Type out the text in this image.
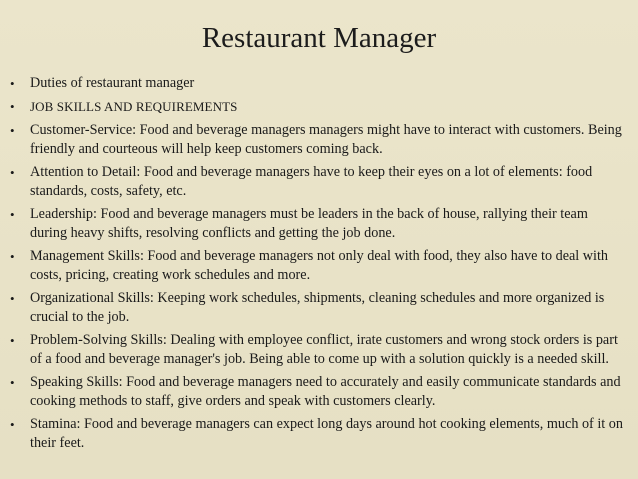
Restaurant Manager
• Duties of restaurant manager
• JOB SKILLS AND REQUIREMENTS
• Customer-Service: Food and beverage managers managers might have to interact with customers. Being friendly and courteous will help keep customers coming back.
• Attention to Detail: Food and beverage managers have to keep their eyes on a lot of elements: food standards, costs, safety, etc.
• Leadership: Food and beverage managers must be leaders in the back of house, rallying their team during heavy shifts, resolving conflicts and getting the job done.
• Management Skills: Food and beverage managers not only deal with food, they also have to deal with costs, pricing, creating work schedules and more.
• Organizational Skills: Keeping work schedules, shipments, cleaning schedules and more organized is crucial to the job.
• Problem-Solving Skills: Dealing with employee conflict, irate customers and wrong stock orders is part of a food and beverage manager's job. Being able to come up with a solution quickly is a needed skill.
• Speaking Skills: Food and beverage managers need to accurately and easily communicate standards and cooking methods to staff, give orders and speak with customers clearly.
• Stamina: Food and beverage managers can expect long days around hot cooking elements, much of it on their feet.
